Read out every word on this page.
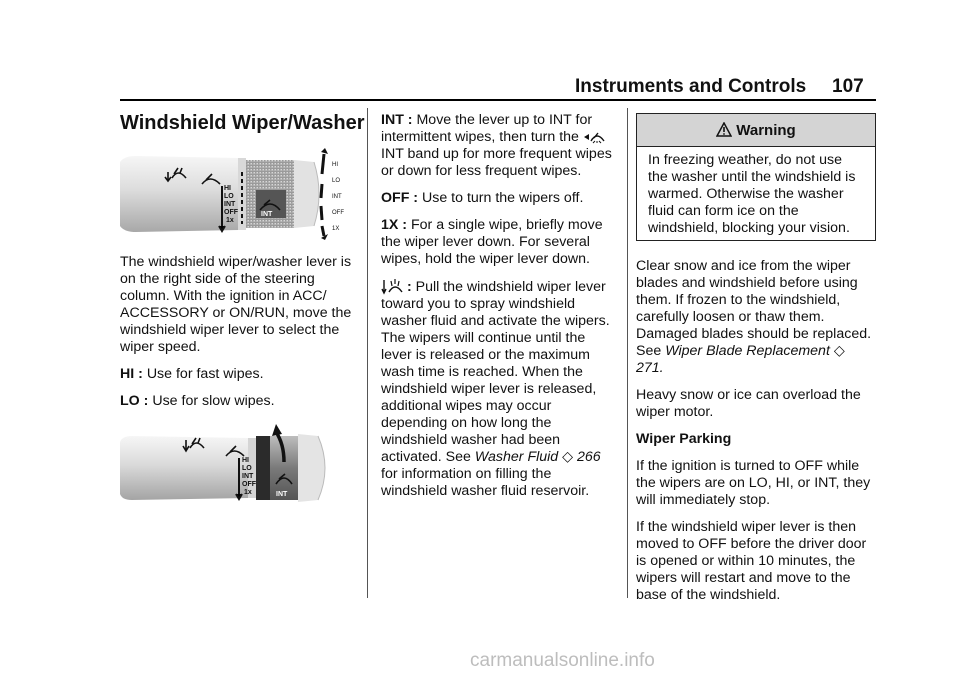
Instruments and Controls 107
Windshield Wiper/Washer
HI
LO
INT
OFF
1x
INT
HI
LO
INT
OFF
1X

The windshield wiper/washer lever is on the right side of the steering column. With the ignition in ACC/ ACCESSORY or ON/RUN, move the windshield wiper lever to select the wiper speed.

HI : Use for fast wipes.

LO : Use for slow wipes.

HI
LO
INT
OFF
1x	INT

INT : Move the lever up to INT for intermittent wipes, then turn the  INT band up for more frequent wipes or down for less frequent wipes.

OFF : Use to turn the wipers off.

1X : For a single wipe, briefly move the wiper lever down. For several wipes, hold the wiper lever down.

: Pull the windshield wiper lever toward you to spray windshield washer fluid and activate the wipers. The wipers will continue until the lever is released or the maximum wash time is reached. When the windshield wiper lever is released, additional wipes may occur depending on how long the windshield washer had been activated. See Washer Fluid ◇ 266 for information on filling the windshield washer fluid reservoir.

Warning
In freezing weather, do not use the washer until the windshield is warmed. Otherwise the washer fluid can form ice on the windshield, blocking your vision.

Clear snow and ice from the wiper blades and windshield before using them. If frozen to the windshield, carefully loosen or thaw them. Damaged blades should be replaced. See Wiper Blade Replacement ◇ 271.

Heavy snow or ice can overload the wiper motor.

Wiper Parking

If the ignition is turned to OFF while the wipers are on LO, HI, or INT, they will immediately stop.

If the windshield wiper lever is then moved to OFF before the driver door is opened or within 10 minutes, the wipers will restart and move to the base of the windshield.

carmanualsonline.info
